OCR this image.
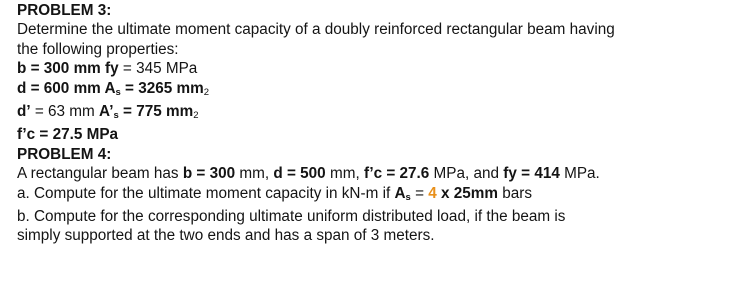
PROBLEM 3:
Determine the ultimate moment capacity of a doubly reinforced rectangular beam having
the following properties:
b = 300 mm fy = 345 MPa
d = 600 mm $A_s = 3265$ mm2
d’ = 63 mm $A’_s = 775$ mm2
f’c = 27.5 MPa
PROBLEM 4:
A rectangular beam has b = 300 mm, d = 500 mm, f’c = 27.6 MPa, and fy = 414 MPa.
a. Compute for the ultimate moment capacity in kN-m if $A_s = 4$ x 25mm bars
b. Compute for the corresponding ultimate uniform distributed load, if the beam is
simply supported at the two ends and has a span of 3 meters.
